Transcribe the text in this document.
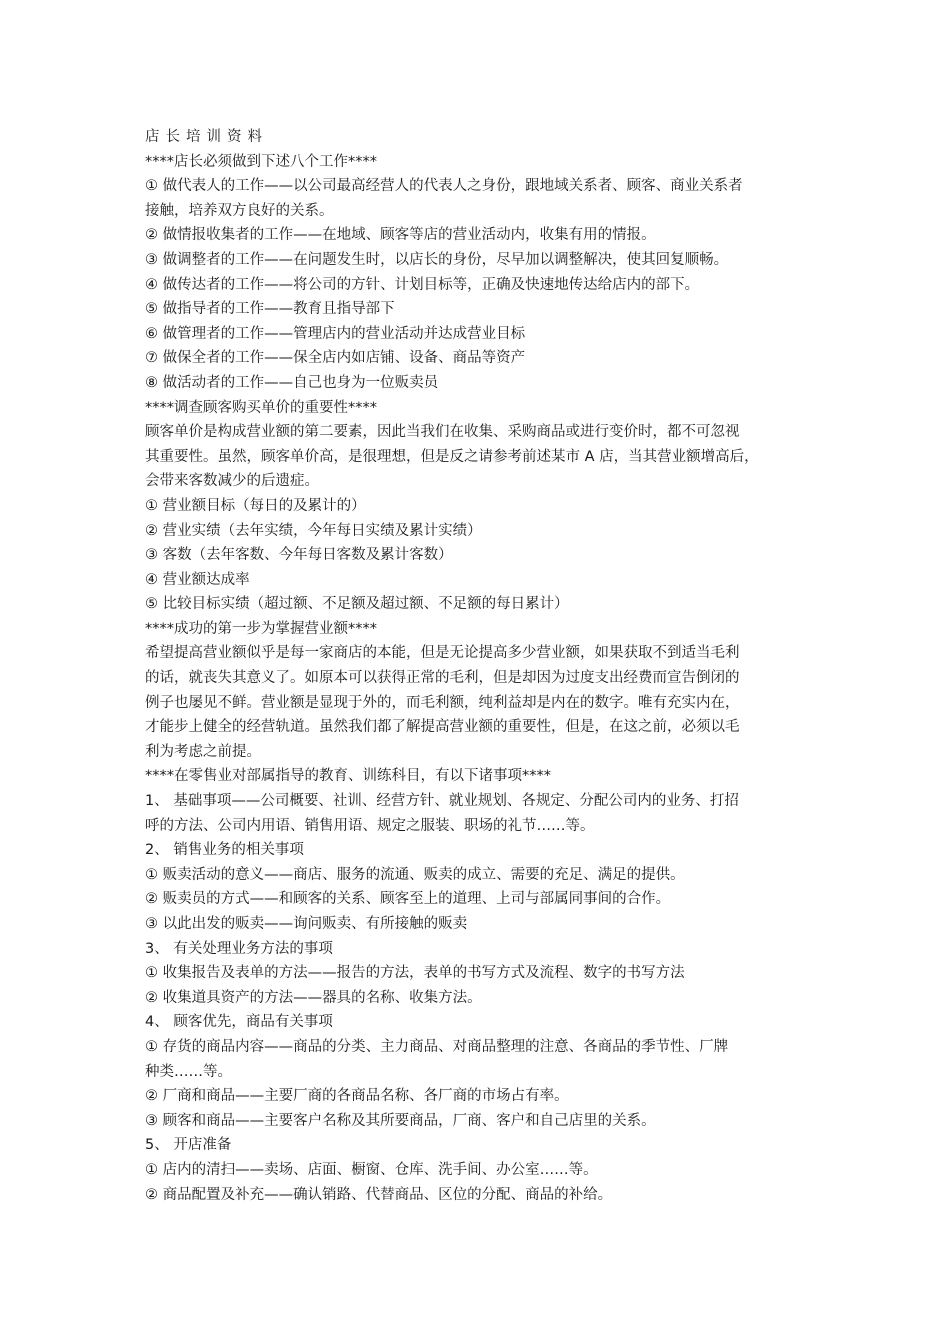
店长培训资料

****店长必须做到下述八个工作****

① 做代表人的工作——以公司最高经营人的代表人之身份，跟地域关系者、顾客、商业关系者

接触，培养双方良好的关系。

② 做情报收集者的工作——在地域、顾客等店的营业活动内，收集有用的情报。

③ 做调整者的工作——在问题发生时，以店长的身份，尽早加以调整解决，使其回复顺畅。

④ 做传达者的工作——将公司的方针、计划目标等，正确及快速地传达给店内的部下。

⑤ 做指导者的工作——教育且指导部下

⑥ 做管理者的工作——管理店内的营业活动并达成营业目标

⑦ 做保全者的工作——保全店内如店铺、设备、商品等资产

⑧ 做活动者的工作——自己也身为一位贩卖员

****调查顾客购买单价的重要性****

顾客单价是构成营业额的第二要素，因此当我们在收集、采购商品或进行变价时，都不可忽视

其重要性。虽然，顾客单价高，是很理想，但是反之请参考前述某市 A 店，当其营业额增高后，

会带来客数减少的后遗症。

① 营业额目标（每日的及累计的）

② 营业实绩（去年实绩，今年每日实绩及累计实绩）

③ 客数（去年客数、今年每日客数及累计客数）

④ 营业额达成率

⑤ 比较目标实绩（超过额、不足额及超过额、不足额的每日累计）

****成功的第一步为掌握营业额****

希望提高营业额似乎是每一家商店的本能，但是无论提高多少营业额，如果获取不到适当毛利

的话，就丧失其意义了。如原本可以获得正常的毛利，但是却因为过度支出经费而宣告倒闭的

例子也屡见不鲜。营业额是显现于外的，而毛利额，纯利益却是内在的数字。唯有充实内在，

才能步上健全的经营轨道。虽然我们都了解提高营业额的重要性，但是，在这之前，必须以毛

利为考虑之前提。

****在零售业对部属指导的教育、训练科目，有以下诸事项****

1、 基础事项——公司概要、社训、经营方针、就业规划、各规定、分配公司内的业务、打招

呼的方法、公司内用语、销售用语、规定之服装、职场的礼节……等。

2、 销售业务的相关事项

① 贩卖活动的意义——商店、服务的流通、贩卖的成立、需要的充足、满足的提供。

② 贩卖员的方式——和顾客的关系、顾客至上的道理、上司与部属同事间的合作。

③ 以此出发的贩卖——询问贩卖、有所接触的贩卖

3、 有关处理业务方法的事项

① 收集报告及表单的方法——报告的方法，表单的书写方式及流程、数字的书写方法

② 收集道具资产的方法——器具的名称、收集方法。

4、 顾客优先，商品有关事项

① 存货的商品内容——商品的分类、主力商品、对商品整理的注意、各商品的季节性、厂牌

种类……等。

② 厂商和商品——主要厂商的各商品名称、各厂商的市场占有率。

③ 顾客和商品——主要客户名称及其所要商品，厂商、客户和自己店里的关系。

5、 开店准备

① 店内的清扫——卖场、店面、橱窗、仓库、洗手间、办公室……等。

② 商品配置及补充——确认销路、代替商品、区位的分配、商品的补给。
